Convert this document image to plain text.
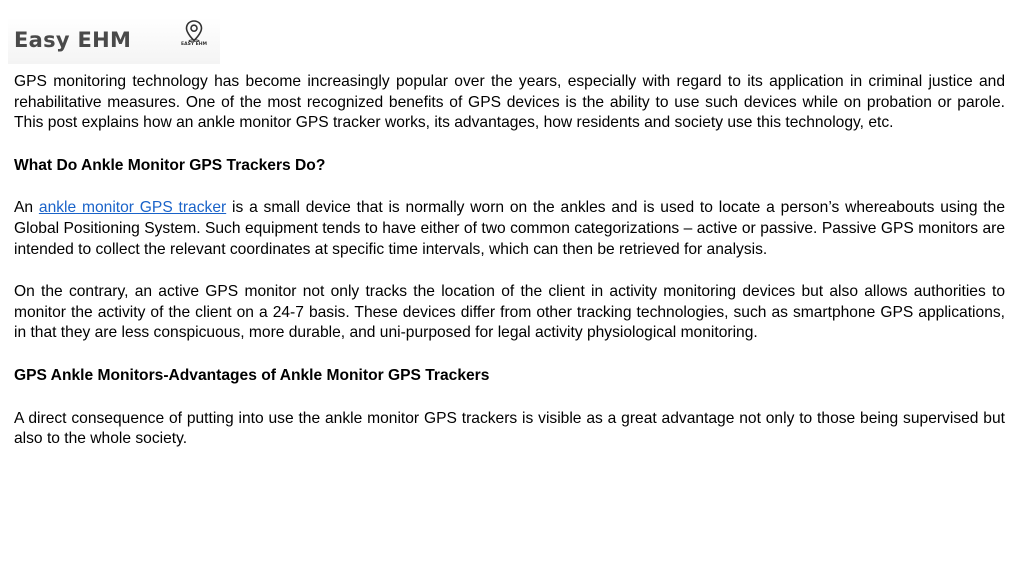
Easy EHM	EASY EHM

GPS monitoring technology has become increasingly popular over the years, especially with regard to its application in criminal justice and rehabilitative measures. One of the most recognized benefits of GPS devices is the ability to use such devices while on probation or parole. This post explains how an ankle monitor GPS tracker works, its advantages, how residents and society use this technology, etc.

What Do Ankle Monitor GPS Trackers Do?

An ankle monitor GPS tracker is a small device that is normally worn on the ankles and is used to locate a person’s whereabouts using the Global Positioning System. Such equipment tends to have either of two common categorizations – active or passive. Passive GPS monitors are intended to collect the relevant coordinates at specific time intervals, which can then be retrieved for analysis.

On the contrary, an active GPS monitor not only tracks the location of the client in activity monitoring devices but also allows authorities to monitor the activity of the client on a 24-7 basis. These devices differ from other tracking technologies, such as smartphone GPS applications, in that they are less conspicuous, more durable, and uni-purposed for legal activity physiological monitoring.

GPS Ankle Monitors-Advantages of Ankle Monitor GPS Trackers

A direct consequence of putting into use the ankle monitor GPS trackers is visible as a great advantage not only to those being supervised but also to the whole society.
